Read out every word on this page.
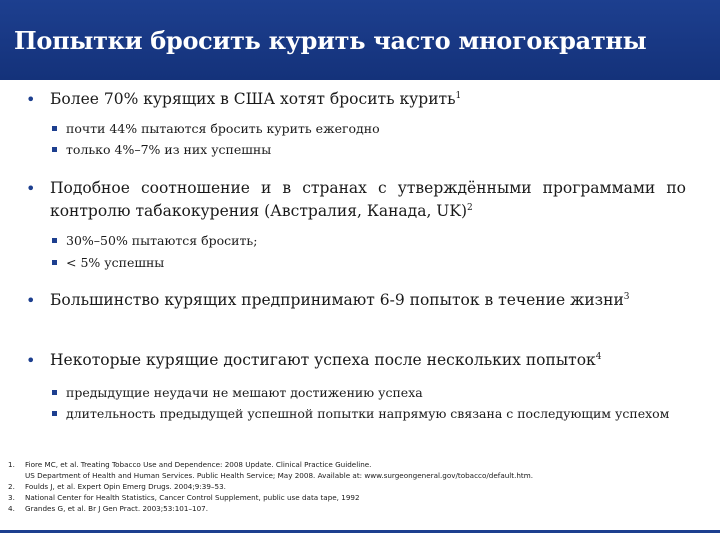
Попытки бросить курить часто многократны
• Более 70% курящих в США хотят бросить курить$^1$
почти 44% пытаются бросить курить ежегодно
только 4%–7% из них успешны
• Подобное соотношение и в странах с утверждёнными программами по контролю табакокурения (Австралия, Канада, UK)$^2$
30%–50% пытаются бросить;
< 5% успешны
• Большинство курящих предпринимают 6-9 попыток в течение жизни$^3$
• Некоторые курящие достигают успеха после нескольких попыток$^4$
предыдущие неудачи не мешают достижению успеха
длительность предыдущей успешной попытки напрямую связана с последующим успехом
1. Fiore MC, et al. Treating Tobacco Use and Dependence: 2008 Update. Clinical Practice Guideline.
US Department of Health and Human Services. Public Health Service; May 2008. Available at: www.surgeongeneral.gov/tobacco/default.htm.
2. Foulds J, et al. Expert Opin Emerg Drugs. 2004;9:39–53.
3. National Center for Health Statistics, Cancer Control Supplement, public use data tape, 1992
4. Grandes G, et al. Br J Gen Pract. 2003;53:101–107.
